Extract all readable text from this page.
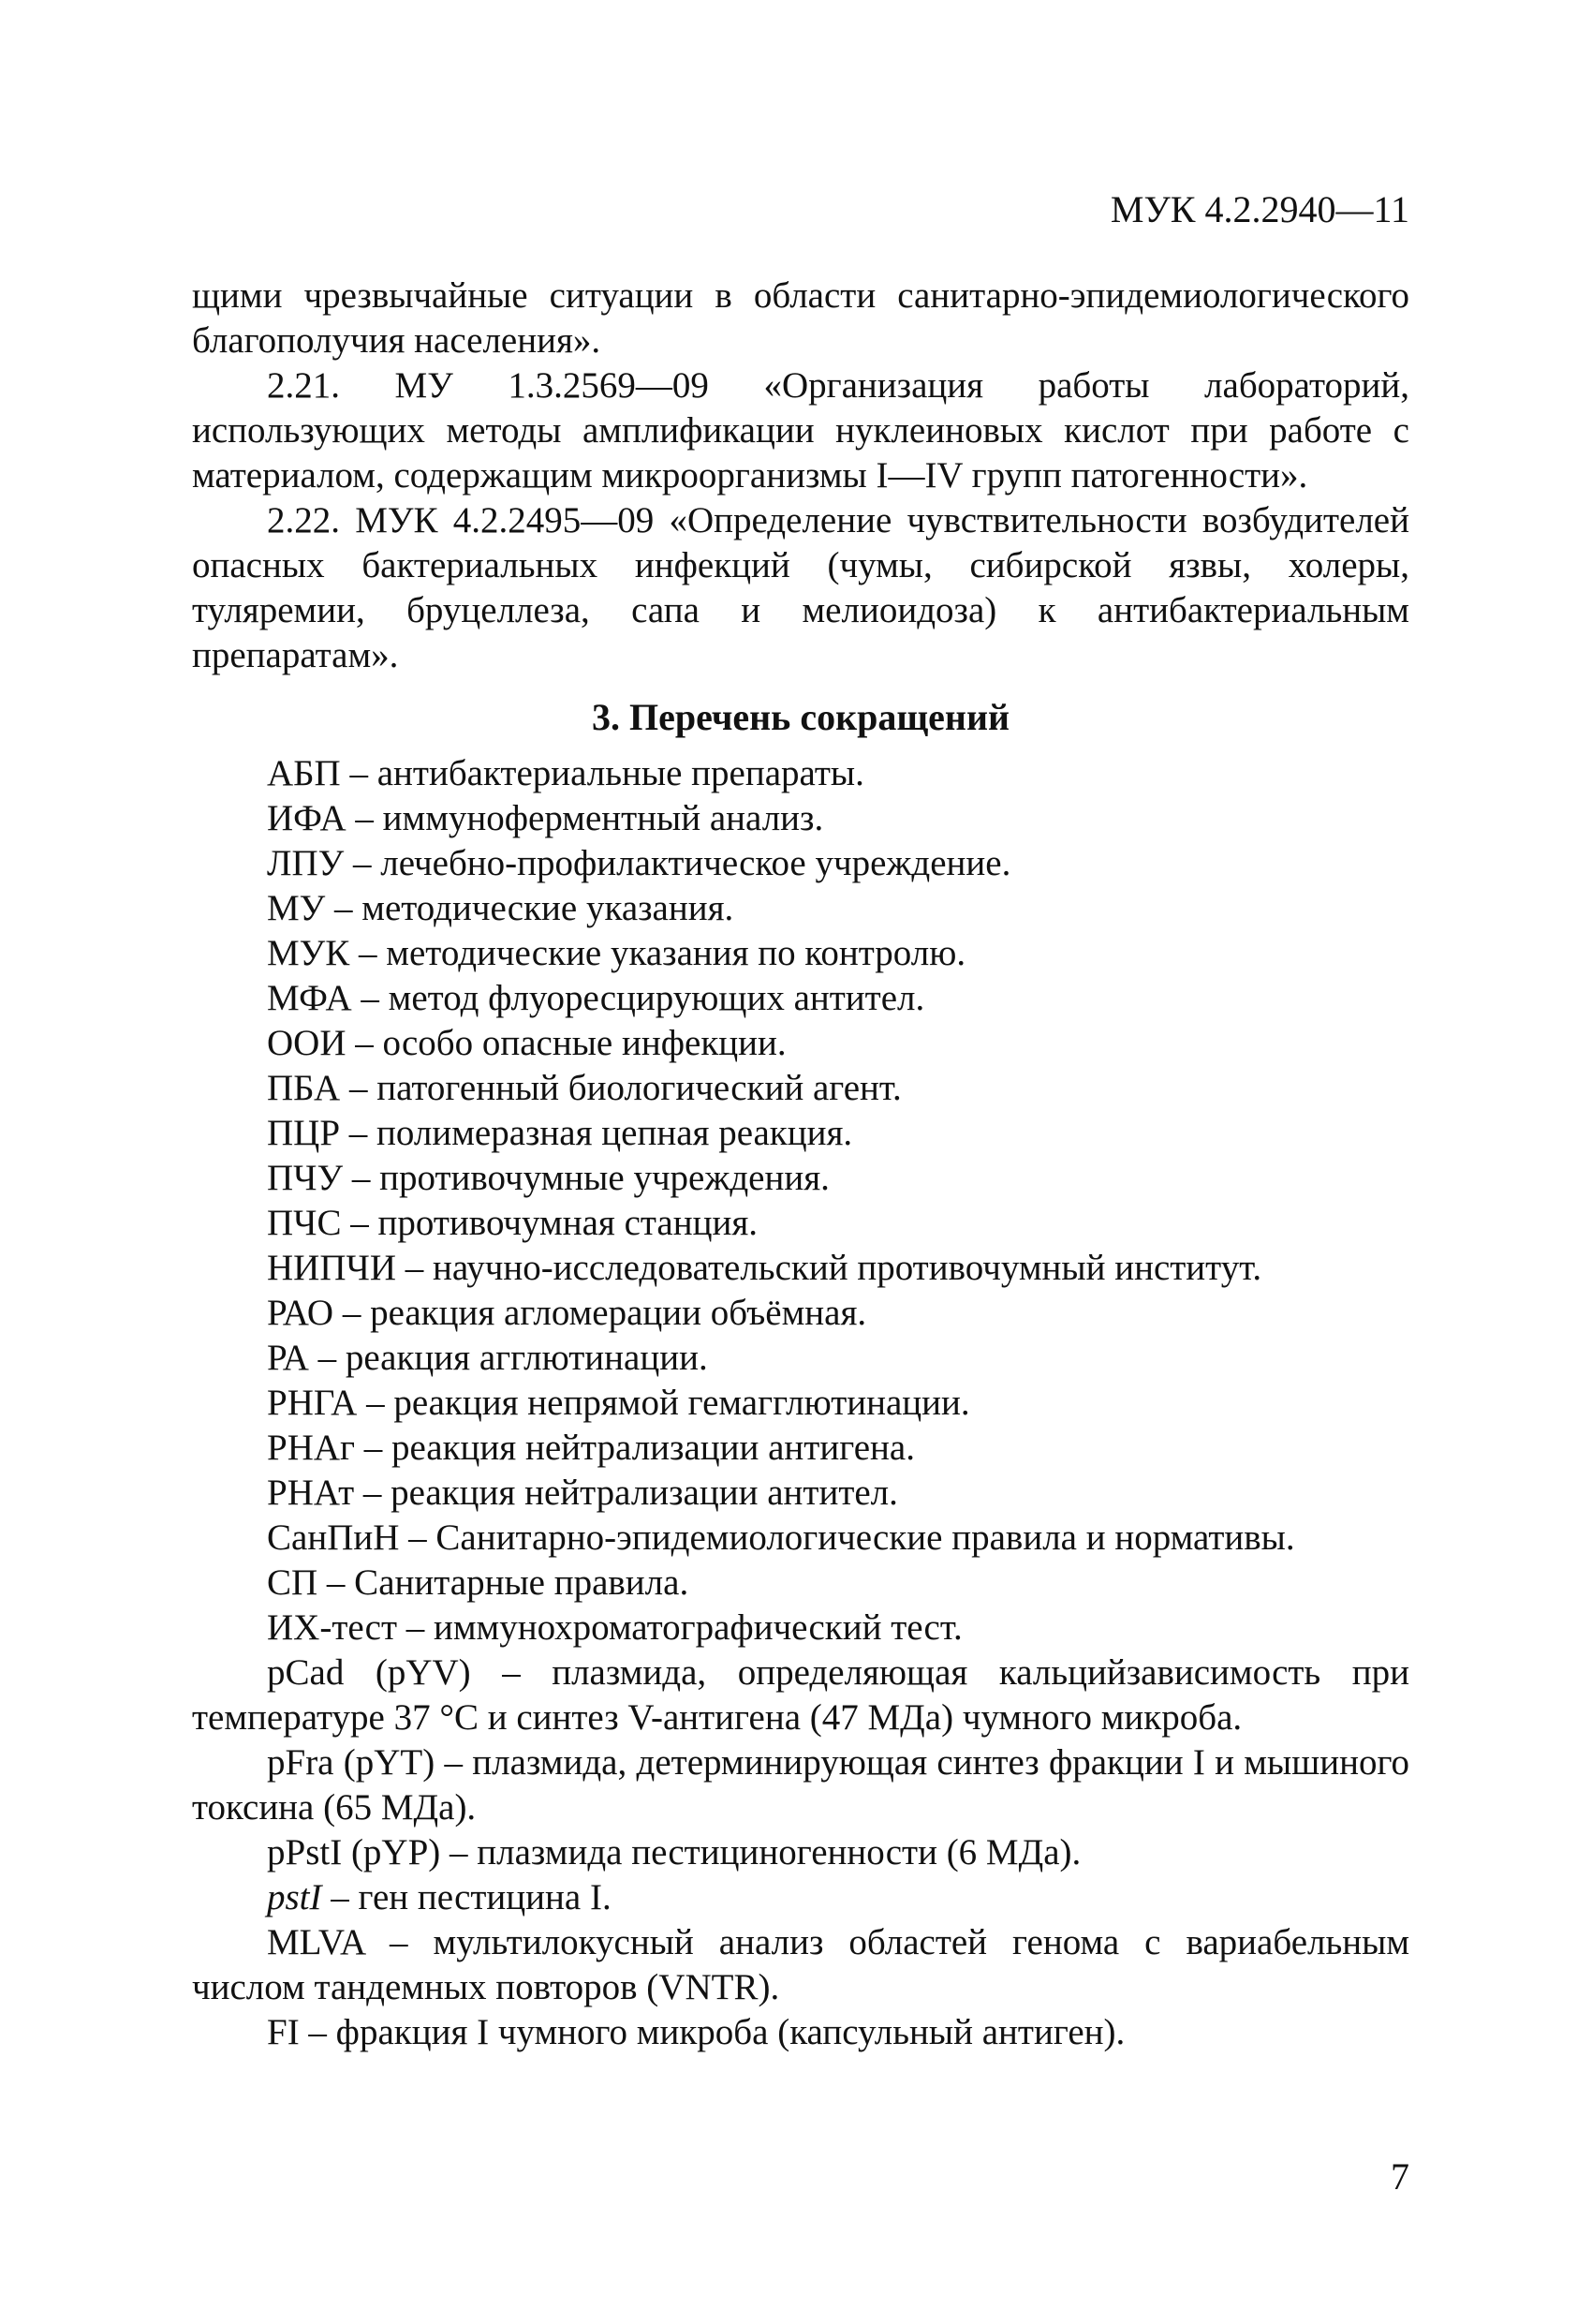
МУК 4.2.2940—11

щими чрезвычайные ситуации в области санитарно-эпидемиологического благополучия населения».

2.21. МУ 1.3.2569—09 «Организация работы лабораторий, использующих методы амплификации нуклеиновых кислот при работе с материалом, содержащим микроорганизмы I—IV групп патогенности».

2.22. МУК 4.2.2495—09 «Определение чувствительности возбудителей опасных бактериальных инфекций (чумы, сибирской язвы, холеры, туляремии, бруцеллеза, сапа и мелиоидоза) к антибактериальным препаратам».

3. Перечень сокращений

АБП – антибактериальные препараты.

ИФА – иммуноферментный анализ.

ЛПУ – лечебно-профилактическое учреждение.

МУ – методические указания.

МУК – методические указания по контролю.

МФА – метод флуоресцирующих антител.

ООИ – особо опасные инфекции.

ПБА – патогенный биологический агент.

ПЦР – полимеразная цепная реакция.

ПЧУ – противочумные учреждения.

ПЧС – противочумная станция.

НИПЧИ – научно-исследовательский противочумный институт.

РАО – реакция агломерации объёмная.

РА – реакция агглютинации.

РНГА – реакция непрямой гемагглютинации.

РНАг – реакция нейтрализации антигена.

РНАт – реакция нейтрализации антител.

СанПиН – Санитарно-эпидемиологические правила и нормативы.

СП – Санитарные правила.

ИХ-тест – иммунохроматографический тест.

pCad (pYV) – плазмида, определяющая кальцийзависимость при температуре 37 °С и синтез V-антигена (47 МДа) чумного микроба.

pFra (pYT) – плазмида, детерминирующая синтез фракции I и мышиного токсина (65 МДа).

pPstI (pYP) – плазмида пестициногенности (6 МДа).

pstI – ген пестицина I.

MLVA – мультилокусный анализ областей генома с вариабельным числом тандемных повторов (VNTR).

FI – фракция I чумного микроба (капсульный антиген).

7
